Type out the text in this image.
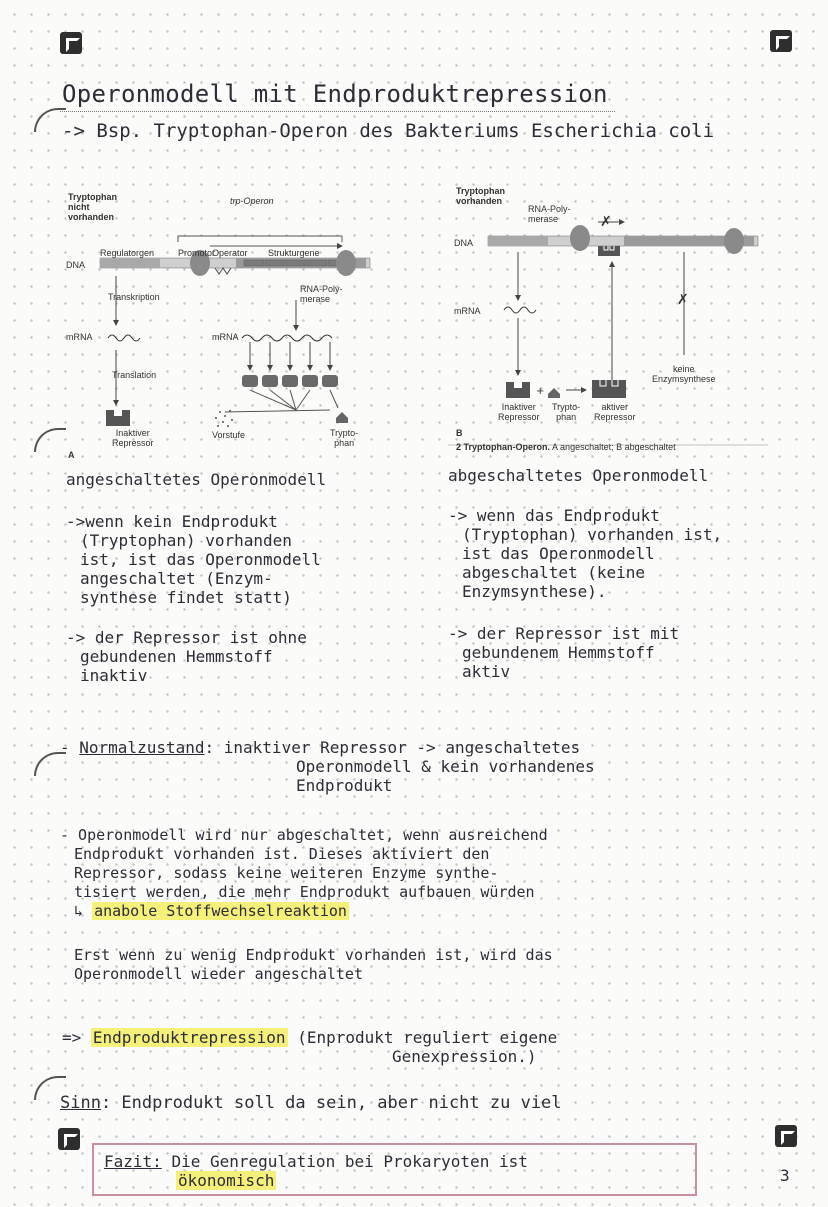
3
Operonmodell mit Endproduktrepression
-> Bsp. Tryptophan-Operon des Bakteriums Escherichia coli
Tryptophan
nicht
vorhanden
trp-Operon
DNA
Regulatorgen	Promotor
Operator Strukturgene
RNA-Poly-
merase
Transkription
mRNA	mRNA
Translation
Inaktiver
Repressor
Vorstufe	Trypto-
phan
A
✗
✗
+
Tryptophan
vorhanden
RNA-Poly-
merase
DNA
mRNA
keine
Enzymsynthese
Inaktiver
Repressor
Trypto-
phan
aktiver
Repressor
B
2 Tryptophan-Operon. A angeschaltet; B abgeschaltet
angeschaltetes Operonmodell
->wenn kein Endprodukt
(Tryptophan) vorhanden
ist, ist das Operonmodell
angeschaltet (Enzym-
synthese findet statt)
-> der Repressor ist ohne
gebundenen Hemmstoff
inaktiv
abgeschaltetes Operonmodell
-> wenn das Endprodukt
(Tryptophan) vorhanden ist,
ist das Operonmodell
abgeschaltet (keine
Enzymsynthese).
-> der Repressor ist mit
gebundenem Hemmstoff
aktiv
- Normalzustand: inaktiver Repressor -> angeschaltetes
Operonmodell & kein vorhandenes
Endprodukt
- Operonmodell wird nur abgeschaltet, wenn ausreichend
Endprodukt vorhanden ist. Dieses aktiviert den
Repressor, sodass keine weiteren Enzyme synthe-
tisiert werden, die mehr Endprodukt aufbauen würden
↳ anabole Stoffwechselreaktion
Erst wenn zu wenig Endprodukt vorhanden ist, wird das
Operonmodell wieder angeschaltet
=> Endproduktrepression (Enprodukt reguliert eigene
Genexpression.)
Sinn: Endprodukt soll da sein, aber nicht zu viel
Fazit: Die Genregulation bei Prokaryoten ist
ökonomisch
